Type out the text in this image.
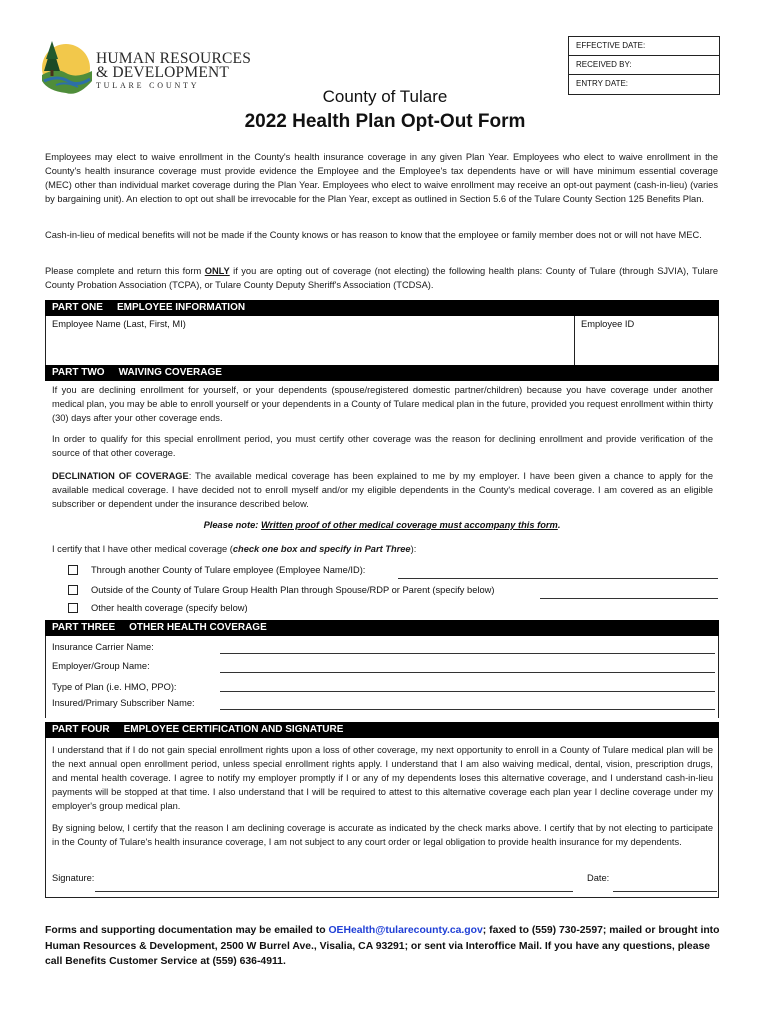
HUMAN RESOURCES
& DEVELOPMENT
TULARE COUNTY
EFFECTIVE DATE:
RECEIVED BY:
ENTRY DATE:
County of Tulare
2022 Health Plan Opt-Out Form
Employees may elect to waive enrollment in the County's health insurance coverage in any given Plan Year. Employees who elect to waive enrollment in the County's health insurance coverage must provide evidence the Employee and the Employee's tax dependents have or will have minimum essential coverage (MEC) other than individual market coverage during the Plan Year. Employees who elect to waive enrollment may receive an opt-out payment (cash-in-lieu) (varies by bargaining unit). An election to opt out shall be irrevocable for the Plan Year, except as outlined in Section 5.6 of the Tulare County Section 125 Benefits Plan.
Cash-in-lieu of medical benefits will not be made if the County knows or has reason to know that the employee or family member does not or will not have MEC.
Please complete and return this form ONLY if you are opting out of coverage (not electing) the following health plans: County of Tulare (through SJVIA), Tulare County Probation Association (TCPA), or Tulare County Deputy Sheriff's Association (TCDSA).
PART ONE EMPLOYEE INFORMATION
Employee Name (Last, First, MI)	Employee ID
PART TWO WAIVING COVERAGE
If you are declining enrollment for yourself, or your dependents (spouse/registered domestic partner/children) because you have coverage under another medical plan, you may be able to enroll yourself or your dependents in a County of Tulare medical plan in the future, provided you request enrollment within thirty (30) days after your other coverage ends.
In order to qualify for this special enrollment period, you must certify other coverage was the reason for declining enrollment and provide verification of the source of that other coverage.
DECLINATION OF COVERAGE: The available medical coverage has been explained to me by my employer. I have been given a chance to apply for the available medical coverage. I have decided not to enroll myself and/or my eligible dependents in the County's medical coverage. I am covered as an eligible subscriber or dependent under the insurance described below.
Please note: Written proof of other medical coverage must accompany this form.
I certify that I have other medical coverage (check one box and specify in Part Three):
Through another County of Tulare employee (Employee Name/ID):
Outside of the County of Tulare Group Health Plan through Spouse/RDP or Parent (specify below)
Other health coverage (specify below)
PART THREE OTHER HEALTH COVERAGE
Insurance Carrier Name:
Employer/Group Name:
Type of Plan (i.e. HMO, PPO):
Insured/Primary Subscriber Name:
PART FOUR EMPLOYEE CERTIFICATION AND SIGNATURE
I understand that if I do not gain special enrollment rights upon a loss of other coverage, my next opportunity to enroll in a County of Tulare medical plan will be the next annual open enrollment period, unless special enrollment rights apply. I understand that I am also waiving medical, dental, vision, prescription drugs, and mental health coverage. I agree to notify my employer promptly if I or any of my dependents loses this alternative coverage, and I understand cash-in-lieu payments will be stopped at that time. I also understand that I will be required to attest to this alternative coverage each plan year I decline coverage under my employer's group medical plan.
By signing below, I certify that the reason I am declining coverage is accurate as indicated by the check marks above. I certify that by not electing to participate in the County of Tulare's health insurance coverage, I am not subject to any court order or legal obligation to provide health insurance for my dependents.
Signature:	Date:
Forms and supporting documentation may be emailed to OEHealth@tularecounty.ca.gov; faxed to (559) 730-2597; mailed or brought into Human Resources & Development, 2500 W Burrel Ave., Visalia, CA 93291; or sent via Interoffice Mail. If you have any questions, please call Benefits Customer Service at (559) 636-4911.
